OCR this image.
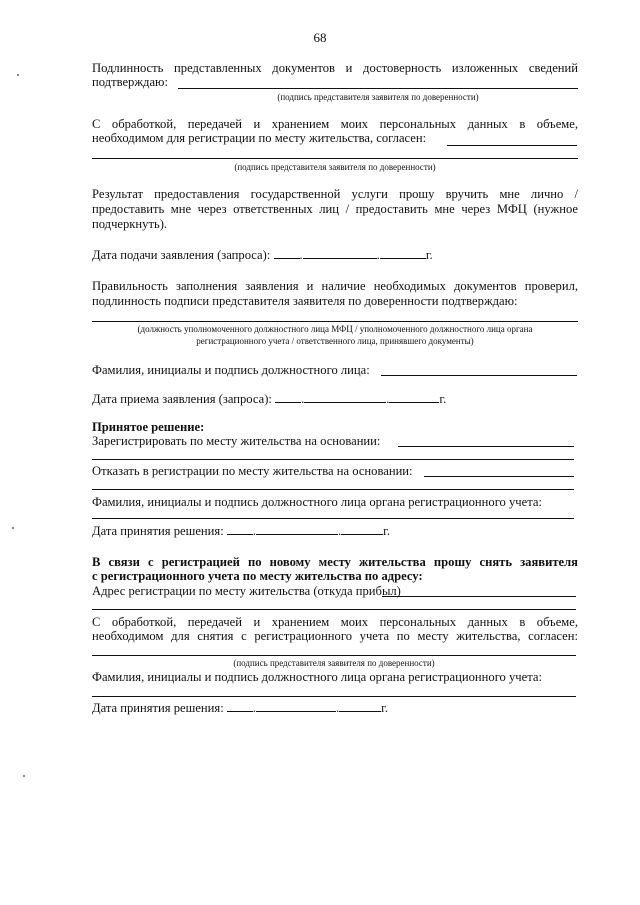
68
Подлинность представленных документов и достоверность изложенных сведений
подтверждаю:
(подпись представителя заявителя по доверенности)
С обработкой, передачей и хранением моих персональных данных в объеме,
необходимом для регистрации по месту жительства, согласен:
(подпись представителя заявителя по доверенности)
Результат предоставления государственной услуги прошу вручить мне лично /
предоставить мне через ответственных лиц / предоставить мне через МФЦ (нужное
подчеркнуть).
Дата подачи заявления (запроса): .	.	г.
Правильность заполнения заявления и наличие необходимых документов проверил,
подлинность подписи представителя заявителя по доверенности подтверждаю:
(должность уполномоченного должностного лица МФЦ / уполномоченного должностного лица органа
регистрационного учета / ответственного лица, принявшего документы)
Фамилия, инициалы и подпись должностного лица:
Дата приема заявления (запроса): .	.	г.
Принятое решение:
Зарегистрировать по месту жительства на основании:
Отказать в регистрации по месту жительства на основании:
Фамилия, инициалы и подпись должностного лица органа регистрационного учета:
Дата принятия решения: .	.	г.
В связи с регистрацией по новому месту жительства прошу снять заявителя
с регистрационного учета по месту жительства по адресу:
Адрес регистрации по месту жительства (откуда прибыл)
С обработкой, передачей и хранением моих персональных данных в объеме,
необходимом для снятия с регистрационного учета по месту жительства, согласен:
(подпись представителя заявителя по доверенности)
Фамилия, инициалы и подпись должностного лица органа регистрационного учета:
Дата принятия решения: .	.	г.
